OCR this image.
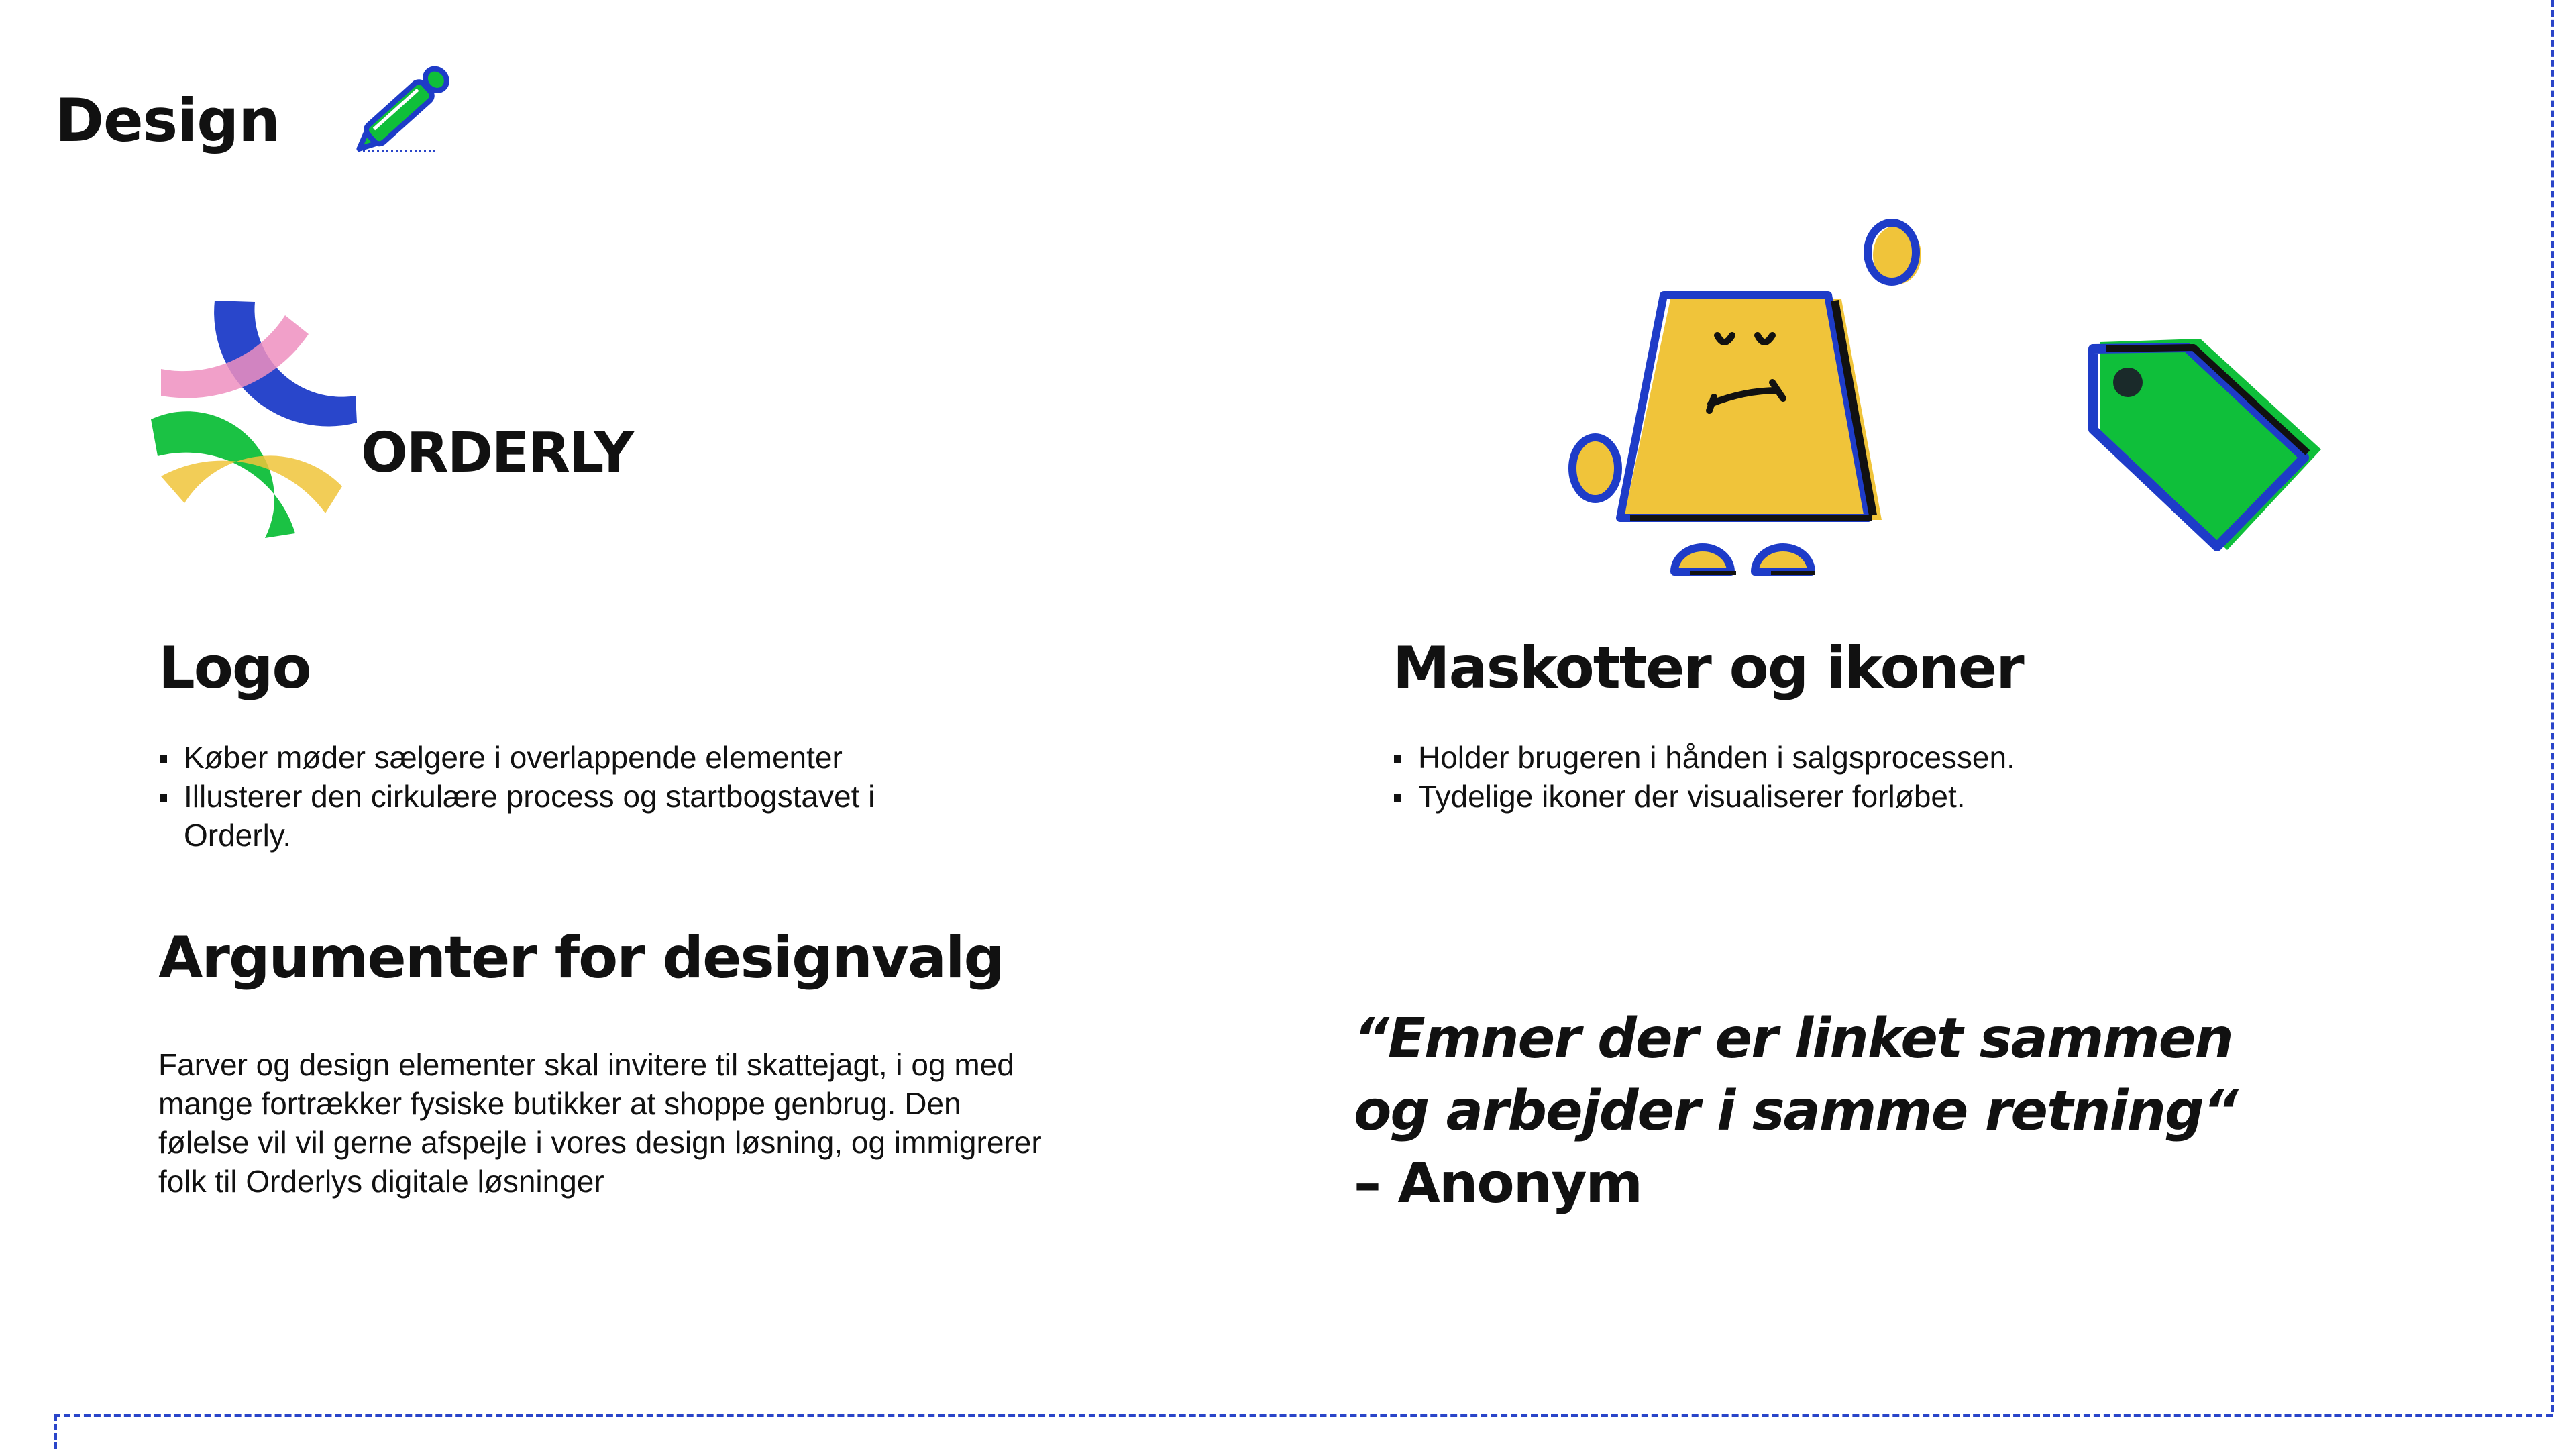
Design
ORDERLY
Logo
Køber møder sælgere i overlappende elementer
Illusterer den cirkulære process og startbogstavet i Orderly.
Argumenter for designvalg

Farver og design elementer skal invitere til skattejagt, i og med mange fortrækker fysiske butikker at shoppe genbrug. Den følelse vil vil gerne afspejle i vores design løsning, og immigrerer folk til Orderlys digitale løsninger

Maskotter og ikoner
Holder brugeren i hånden i salgsprocessen.
Tydelige ikoner der visualiserer forløbet.
“Emner der er linket sammen
og arbejder i samme retning“
– Anonym
